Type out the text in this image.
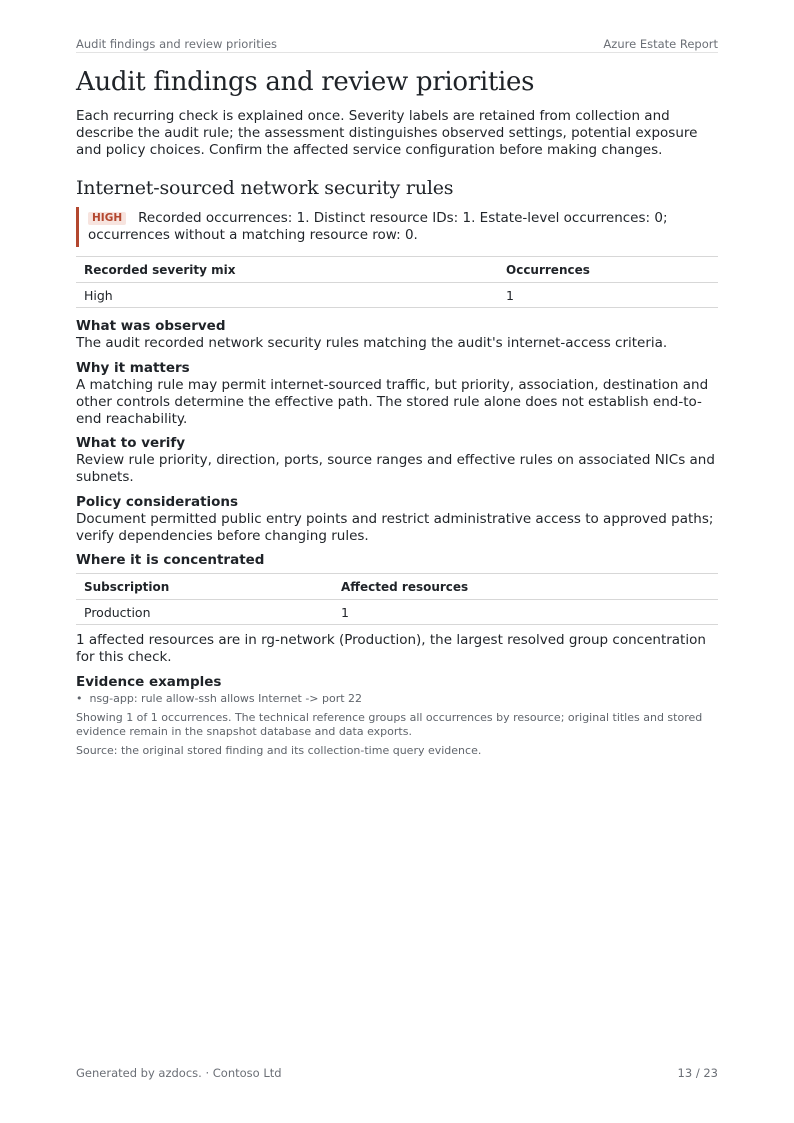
Audit findings and review priorities	Azure Estate Report
Audit findings and review priorities

Each recurring check is explained once. Severity labels are retained from collection and describe the audit rule; the assessment distinguishes observed settings, potential exposure and policy choices. Confirm the affected service configuration before making changes.

Internet-sourced network security rules
HIGH Recorded occurrences: 1. Distinct resource IDs: 1. Estate-level occurrences: 0; occurrences without a matching resource row: 0.
Recorded severity mix	Occurrences
High	1
What was observed

The audit recorded network security rules matching the audit's internet-access criteria.

Why it matters

A matching rule may permit internet-sourced traffic, but priority, association, destination and other controls determine the effective path. The stored rule alone does not establish end-to-end reachability.

What to verify

Review rule priority, direction, ports, source ranges and effective rules on associated NICs and subnets.

Policy considerations

Document permitted public entry points and restrict administrative access to approved paths; verify dependencies before changing rules.

Where it is concentrated
Subscription	Affected resources
Production	1

1 affected resources are in rg-network (Production), the largest resolved group concentration for this check.

Evidence examples
•  nsg-app: rule allow-ssh allows Internet -> port 22

Showing 1 of 1 occurrences. The technical reference groups all occurrences by resource; original titles and stored evidence remain in the snapshot database and data exports.

Source: the original stored finding and its collection-time query evidence.

Generated by azdocs. · Contoso Ltd	13 / 23
